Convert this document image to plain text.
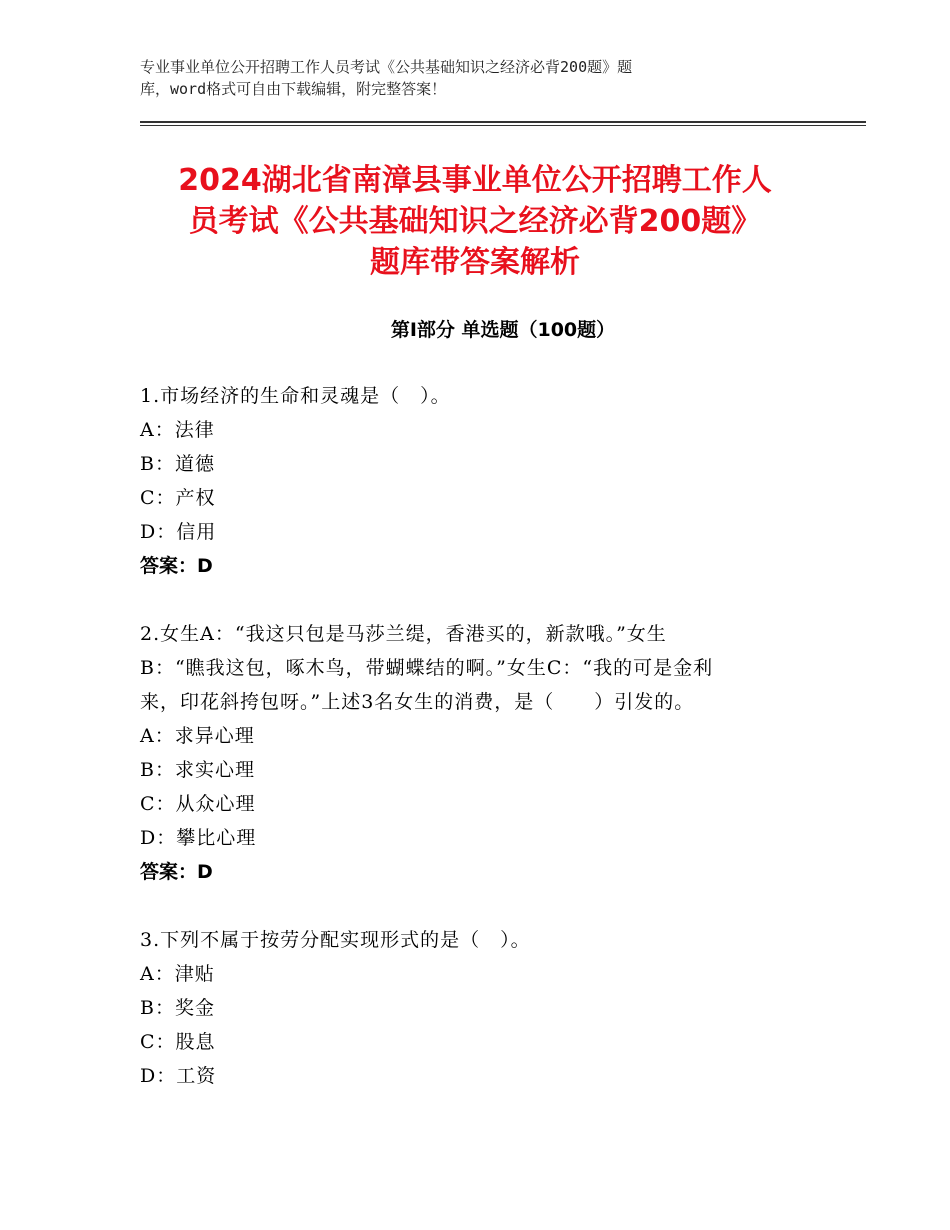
专业事业单位公开招聘工作人员考试《公共基础知识之经济必背200题》题
库，word格式可自由下载编辑，附完整答案！
2024湖北省南漳县事业单位公开招聘工作人
员考试《公共基础知识之经济必背200题》
题库带答案解析
第Ⅰ部分 单选题（100题）
1.市场经济的生命和灵魂是（　）。
A：法律
B：道德
C：产权
D：信用
答案：D
2.女生A：“我这只包是马莎兰缇，香港买的，新款哦。”女生
B：“瞧我这包，啄木鸟，带蝴蝶结的啊。”女生C：“我的可是金利
来，印花斜挎包呀。”上述3名女生的消费，是（　　）引发的。
A：求异心理
B：求实心理
C：从众心理
D：攀比心理
答案：D
3.下列不属于按劳分配实现形式的是（　）。
A：津贴
B：奖金
C：股息
D：工资
